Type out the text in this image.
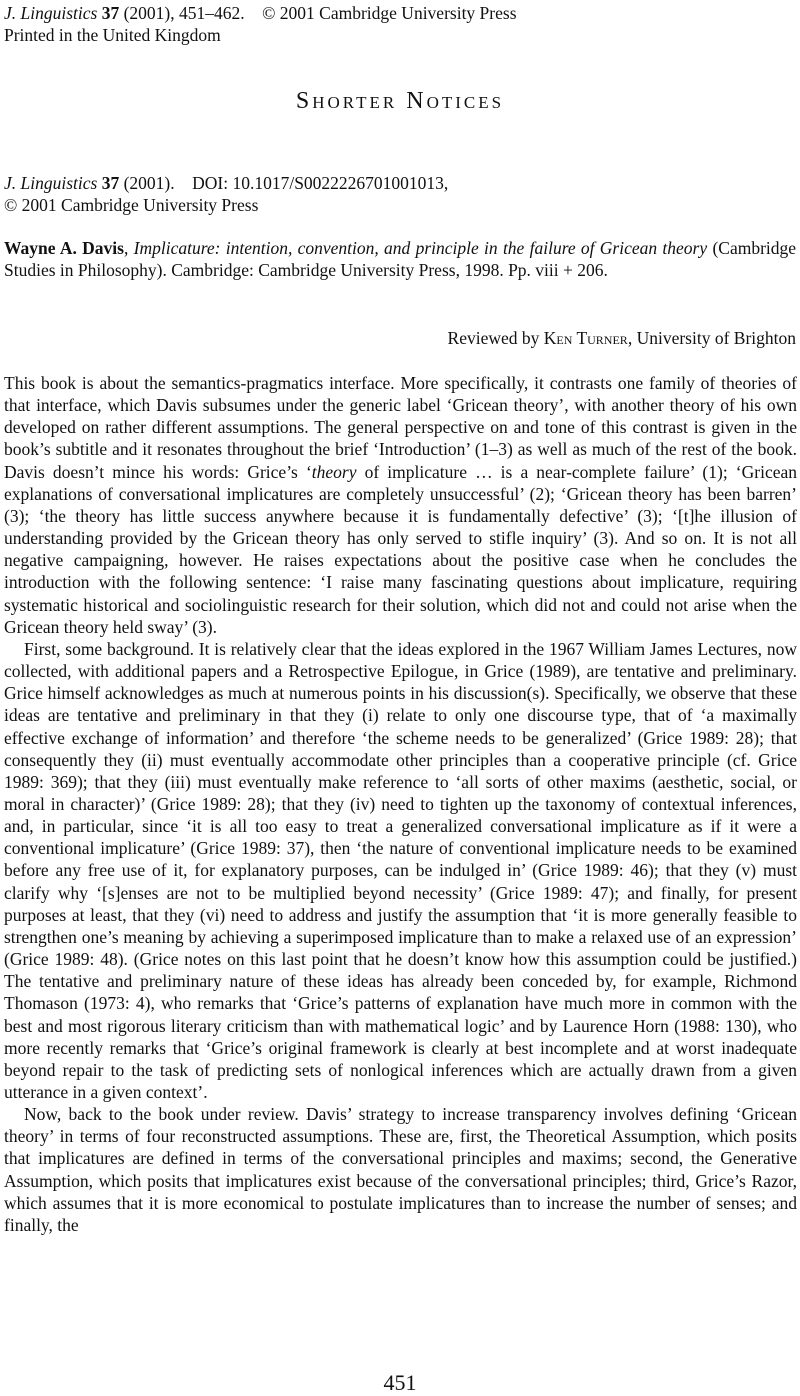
J. Linguistics 37 (2001), 451–462. © 2001 Cambridge University Press
Printed in the United Kingdom
Shorter Notices
J. Linguistics 37 (2001). DOI: 10.1017/S0022226701001013,
© 2001 Cambridge University Press
Wayne A. Davis, Implicature: intention, convention, and principle in the failure of Gricean theory (Cambridge Studies in Philosophy). Cambridge: Cambridge University Press, 1998. Pp. viii + 206.
Reviewed by Ken Turner, University of Brighton

This book is about the semantics-pragmatics interface. More specifically, it contrasts one family of theories of that interface, which Davis subsumes under the generic label ‘Gricean theory’, with another theory of his own developed on rather different assumptions. The general perspective on and tone of this contrast is given in the book’s subtitle and it resonates throughout the brief ‘Introduction’ (1–3) as well as much of the rest of the book. Davis doesn’t mince his words: Grice’s ‘theory of implicature … is a near-complete failure’ (1); ‘Gricean explanations of conversational implicatures are completely unsuccessful’ (2); ‘Gricean theory has been barren’ (3); ‘the theory has little success anywhere because it is fundamentally defective’ (3); ‘[t]he illusion of understanding provided by the Gricean theory has only served to stifle inquiry’ (3). And so on. It is not all negative campaigning, however. He raises expectations about the positive case when he concludes the introduction with the following sentence: ‘I raise many fascinating questions about implicature, requiring systematic historical and sociolinguistic research for their solution, which did not and could not arise when the Gricean theory held sway’ (3).

First, some background. It is relatively clear that the ideas explored in the 1967 William James Lectures, now collected, with additional papers and a Retrospective Epilogue, in Grice (1989), are tentative and preliminary. Grice himself acknowledges as much at numerous points in his discussion(s). Specifically, we observe that these ideas are tentative and preliminary in that they (i) relate to only one discourse type, that of ‘a maximally effective exchange of information’ and therefore ‘the scheme needs to be generalized’ (Grice 1989: 28); that consequently they (ii) must eventually accommodate other principles than a cooperative principle (cf. Grice 1989: 369); that they (iii) must eventually make reference to ‘all sorts of other maxims (aesthetic, social, or moral in character)’ (Grice 1989: 28); that they (iv) need to tighten up the taxonomy of contextual inferences, and, in particular, since ‘it is all too easy to treat a generalized conversational implicature as if it were a conventional implicature’ (Grice 1989: 37), then ‘the nature of conventional implicature needs to be examined before any free use of it, for explanatory purposes, can be indulged in’ (Grice 1989: 46); that they (v) must clarify why ‘[s]enses are not to be multiplied beyond necessity’ (Grice 1989: 47); and finally, for present purposes at least, that they (vi) need to address and justify the assumption that ‘it is more generally feasible to strengthen one’s meaning by achieving a superimposed implicature than to make a relaxed use of an expression’ (Grice 1989: 48). (Grice notes on this last point that he doesn’t know how this assumption could be justified.) The tentative and preliminary nature of these ideas has already been conceded by, for example, Richmond Thomason (1973: 4), who remarks that ‘Grice’s patterns of explanation have much more in common with the best and most rigorous literary criticism than with mathematical logic’ and by Laurence Horn (1988: 130), who more recently remarks that ‘Grice’s original framework is clearly at best incomplete and at worst inadequate beyond repair to the task of predicting sets of nonlogical inferences which are actually drawn from a given utterance in a given context’.

Now, back to the book under review. Davis’ strategy to increase transparency involves defining ‘Gricean theory’ in terms of four reconstructed assumptions. These are, first, the Theoretical Assumption, which posits that implicatures are defined in terms of the conversational principles and maxims; second, the Generative Assumption, which posits that implicatures exist because of the conversational principles; third, Grice’s Razor, which assumes that it is more economical to postulate implicatures than to increase the number of senses; and finally, the

451
